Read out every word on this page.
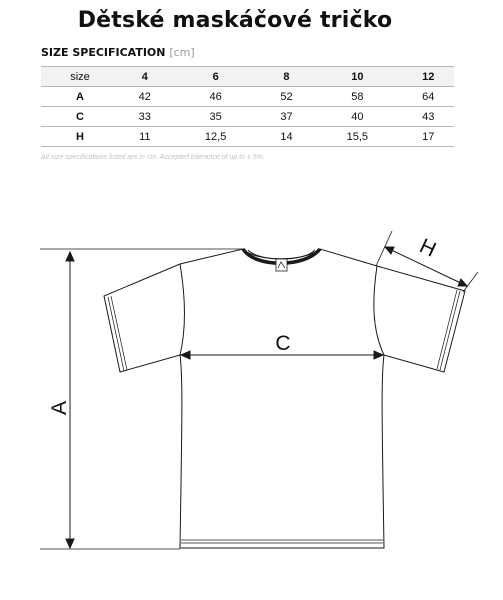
Dětské maskáčové tričko
SIZE SPECIFICATION [cm]
size	4	6	8	10	12
A	42	46	52	58	64
C	33	35	37	40	43
H	11	12,5	14	15,5	17
All size specifications listed are in cm. Accepted tolerance of up to ± 5%.
A
C
H
